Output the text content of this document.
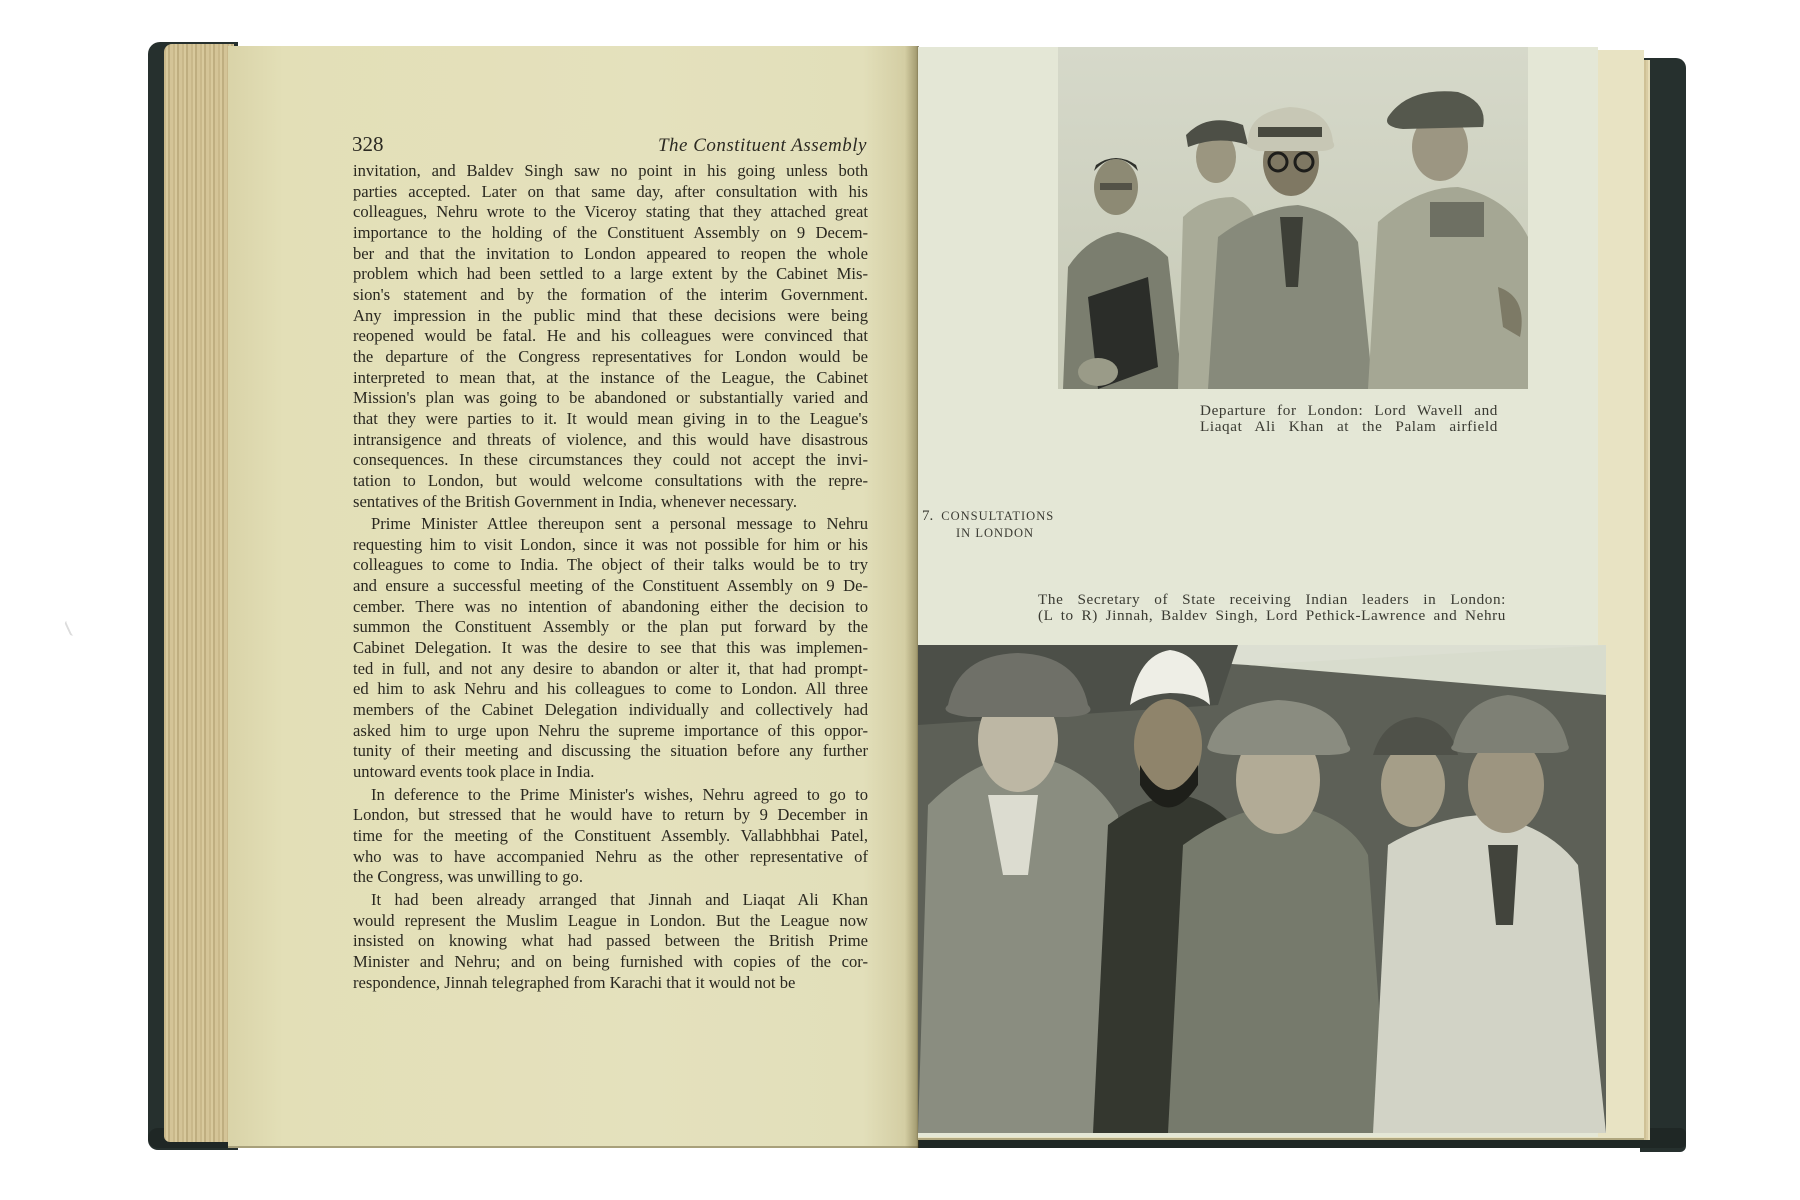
328	The Constituent Assembly

invitation, and Baldev Singh saw no point in his going unless both
parties accepted. Later on that same day, after consultation with his
colleagues, Nehru wrote to the Viceroy stating that they attached great
importance to the holding of the Constituent Assembly on 9 Decem-
ber and that the invitation to London appeared to reopen the whole
problem which had been settled to a large extent by the Cabinet Mis-
sion's statement and by the formation of the interim Government.
Any impression in the public mind that these decisions were being
reopened would be fatal. He and his colleagues were convinced that
the departure of the Congress representatives for London would be
interpreted to mean that, at the instance of the League, the Cabinet
Mission's plan was going to be abandoned or substantially varied and
that they were parties to it. It would mean giving in to the League's
intransigence and threats of violence, and this would have disastrous
consequences. In these circumstances they could not accept the invi-
tation to London, but would welcome consultations with the repre-
sentatives of the British Government in India, whenever necessary.

Prime Minister Attlee thereupon sent a personal message to Nehru
requesting him to visit London, since it was not possible for him or his
colleagues to come to India. The object of their talks would be to try
and ensure a successful meeting of the Constituent Assembly on 9 De-
cember. There was no intention of abandoning either the decision to
summon the Constituent Assembly or the plan put forward by the
Cabinet Delegation. It was the desire to see that this was implemen-
ted in full, and not any desire to abandon or alter it, that had prompt-
ed him to ask Nehru and his colleagues to come to London. All three
members of the Cabinet Delegation individually and collectively had
asked him to urge upon Nehru the supreme importance of this oppor-
tunity of their meeting and discussing the situation before any further
untoward events took place in India.

In deference to the Prime Minister's wishes, Nehru agreed to go to
London, but stressed that he would have to return by 9 December in
time for the meeting of the Constituent Assembly. Vallabhbhai Patel,
who was to have accompanied Nehru as the other representative of
the Congress, was unwilling to go.

It had been already arranged that Jinnah and Liaqat Ali Khan
would represent the Muslim League in London. But the League now
insisted on knowing what had passed between the British Prime
Minister and Nehru; and on being furnished with copies of the cor-
respondence, Jinnah telegraphed from Karachi that it would not be

Departure for London: Lord Wavell and
Liaqat Ali Khan at the Palam airfield
7. CONSULTATIONS
IN LONDON
The Secretary of State receiving Indian leaders in London:
(L to R) Jinnah, Baldev Singh, Lord Pethick-Lawrence and Nehru
